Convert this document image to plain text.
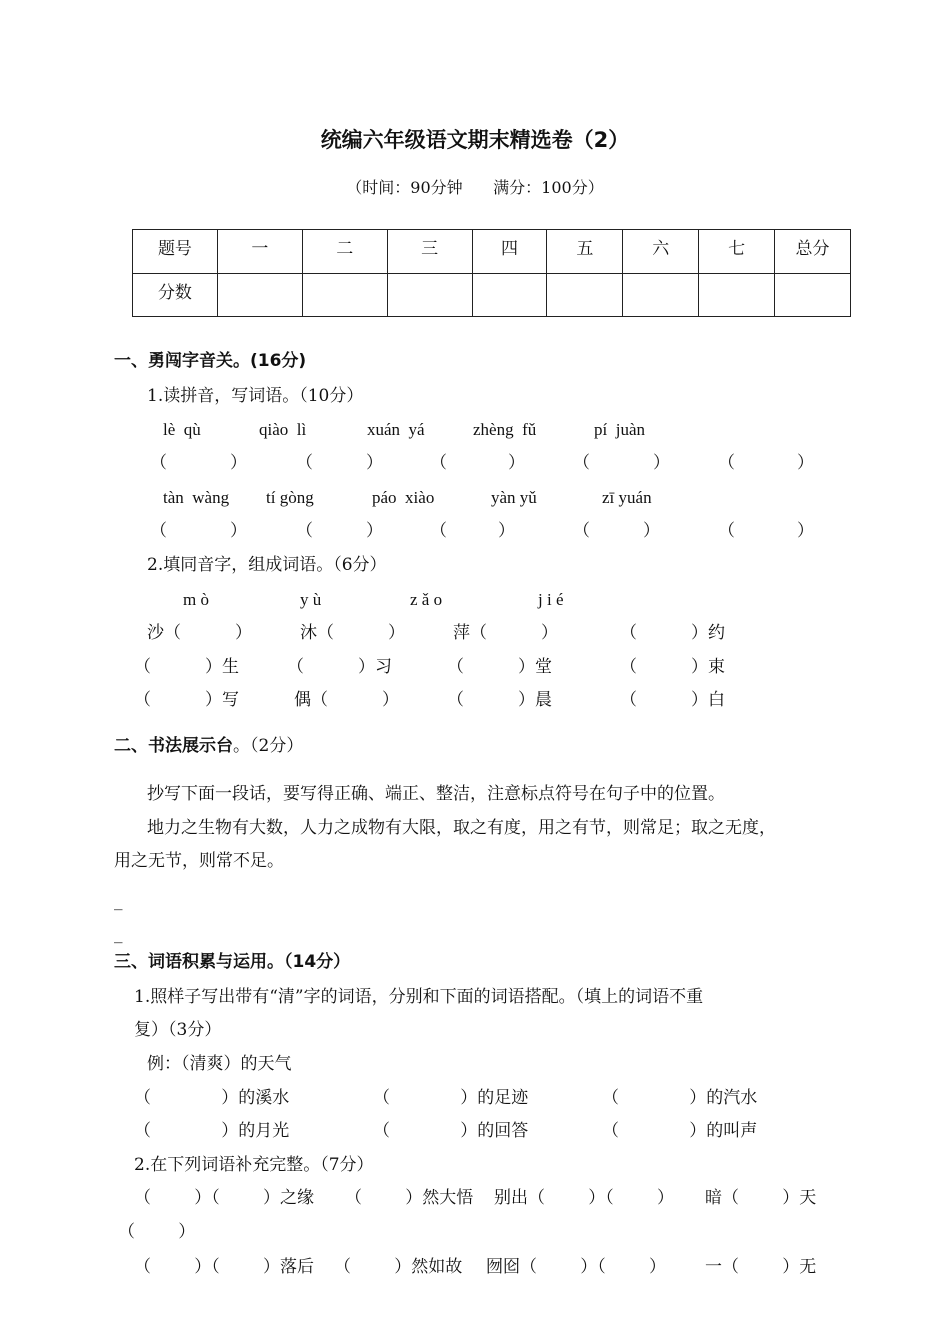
统编六年级语文期末精选卷（2）
（时间：90分钟      满分：100分）
题号	一	二	三	四	五	六	七	总分
分数								
一、勇闯字音关。(16分)
1.读拼音，写词语。（10分）
lè  qù	qiào  lì	xuán  yá	zhèng  fǔ	pí  juàn
（	）	（	）	（	）	（	）	（	）
tàn  wàng tí gòng	páo  xiào	yàn yǔ	zī yuán
（	）	（	）	（	）	（	）	（	）
2.填同音字，组成词语。（6分）
m ò	y ù	z ǎ o	j i é
沙（          ）	沐（          ）	萍（          ）	（          ）约
（          ）生	（          ）习	（          ）堂	（          ）束
（          ）写	偶（          ）	（          ）晨	（          ）白
二、书法展示台。（2分）
抄写下面一段话，要写得正确、端正、整洁，注意标点符号在句子中的位置。
地力之生物有大数，人力之成物有大限，取之有度，用之有节，则常足；取之无度，
用之无节，则常不足。
_
_
三、词语积累与运用。（14分）
1.照样子写出带有“清”字的词语，分别和下面的词语搭配。（填上的词语不重
复）（3分）
例：（清爽）的天气
（             ）的溪水	（             ）的足迹	（             ）的汽水
（             ）的月光	（             ）的回答	（             ）的叫声
2.在下列词语补充完整。（7分）
（        ）（        ）之缘 （        ）然大悟 别出（        ）（        ） 暗（        ）天
（        ）
（        ）（        ）落后 （        ）然如故 囫囵（        ）（        ） 一（        ）无
